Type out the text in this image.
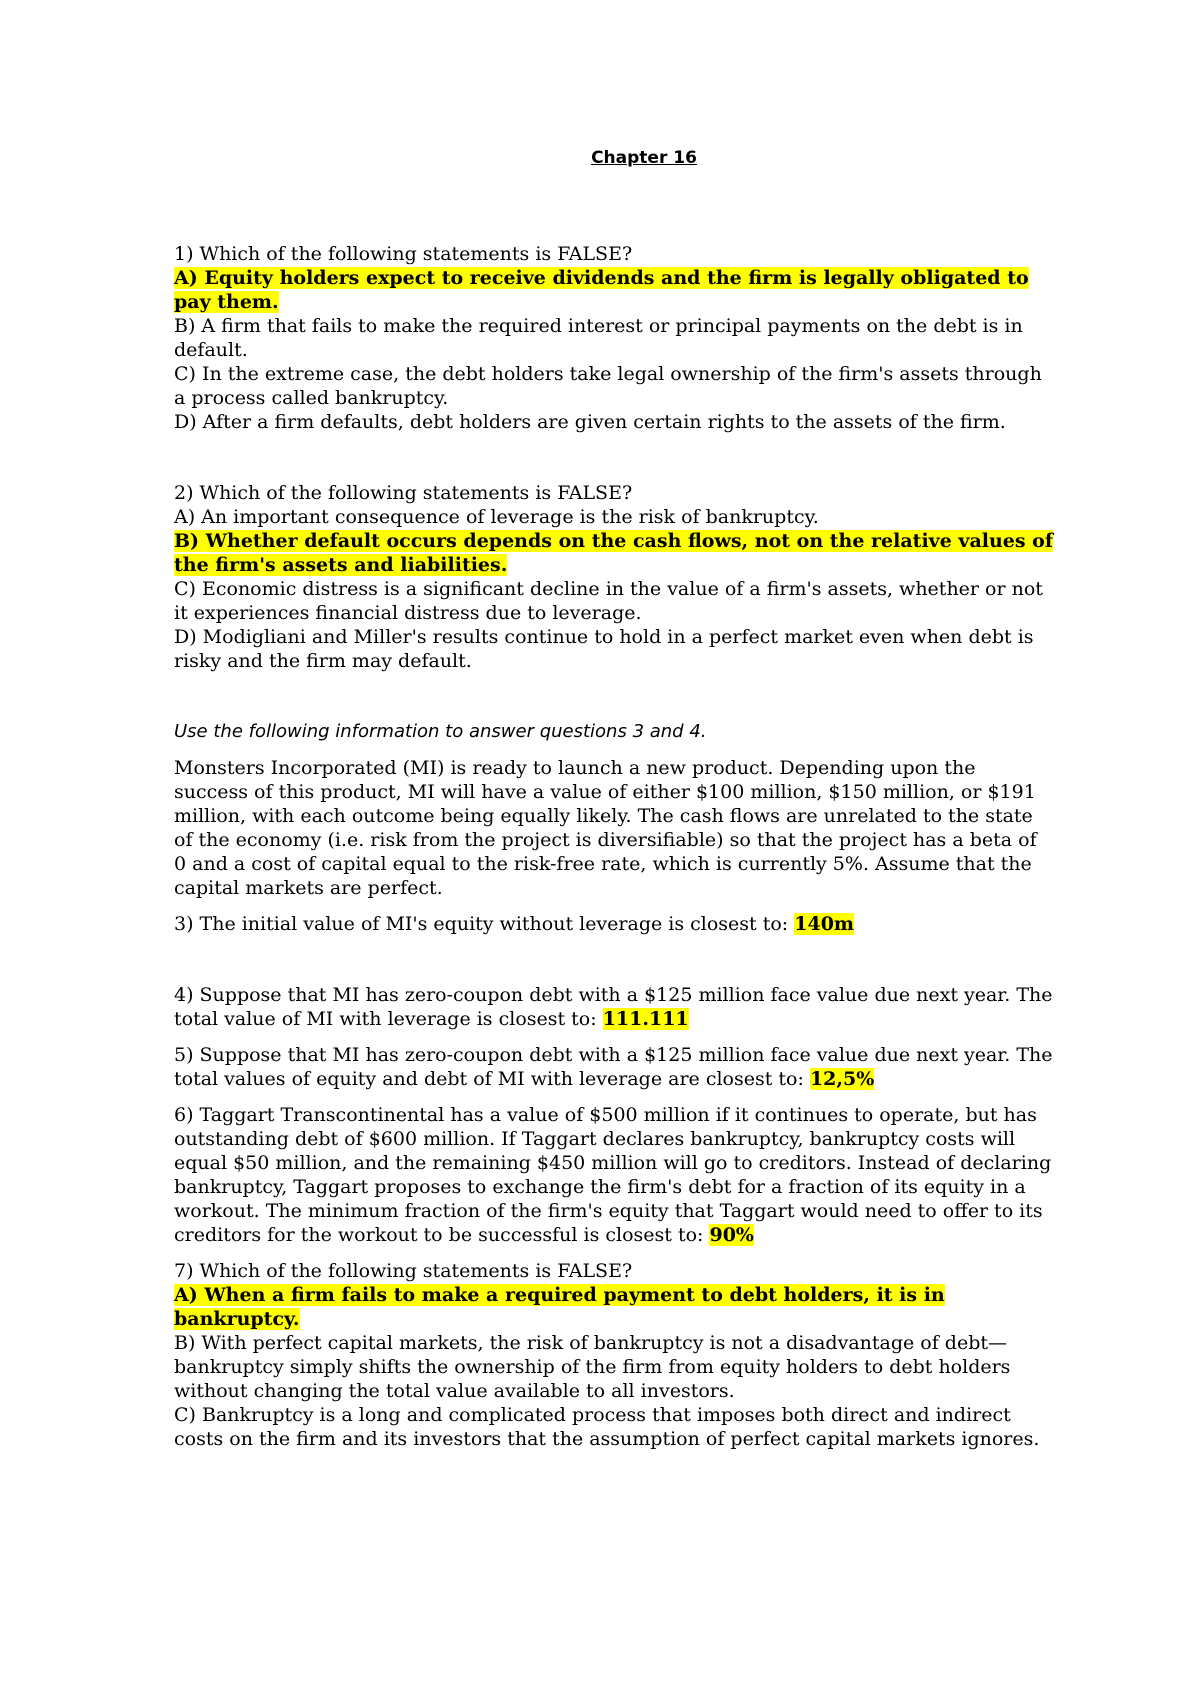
Chapter 16
1) Which of the following statements is FALSE?
A) Equity holders expect to receive dividends and the firm is legally obligated to pay them.
B) A firm that fails to make the required interest or principal payments on the debt is in default.
C) In the extreme case, the debt holders take legal ownership of the firm's assets through a process called bankruptcy.
D) After a firm defaults, debt holders are given certain rights to the assets of the firm.
2) Which of the following statements is FALSE?
A) An important consequence of leverage is the risk of bankruptcy.
B) Whether default occurs depends on the cash flows, not on the relative values of the firm's assets and liabilities.
C) Economic distress is a significant decline in the value of a firm's assets, whether or not it experiences financial distress due to leverage.
D) Modigliani and Miller's results continue to hold in a perfect market even when debt is risky and the firm may default.
Use the following information to answer questions 3 and 4.
Monsters Incorporated (MI) is ready to launch a new product. Depending upon the success of this product, MI will have a value of either $100 million, $150 million, or $191 million, with each outcome being equally likely. The cash flows are unrelated to the state of the economy (i.e. risk from the project is diversifiable) so that the project has a beta of 0 and a cost of capital equal to the risk-free rate, which is currently 5%. Assume that the capital markets are perfect.
3) The initial value of MI's equity without leverage is closest to: 140m
4) Suppose that MI has zero-coupon debt with a $125 million face value due next year. The total value of MI with leverage is closest to: 111.111
5) Suppose that MI has zero-coupon debt with a $125 million face value due next year. The total values of equity and debt of MI with leverage are closest to: 12,5%
6) Taggart Transcontinental has a value of $500 million if it continues to operate, but has outstanding debt of $600 million. If Taggart declares bankruptcy, bankruptcy costs will equal $50 million, and the remaining $450 million will go to creditors. Instead of declaring bankruptcy, Taggart proposes to exchange the firm's debt for a fraction of its equity in a workout. The minimum fraction of the firm's equity that Taggart would need to offer to its creditors for the workout to be successful is closest to: 90%
7) Which of the following statements is FALSE?
A) When a firm fails to make a required payment to debt holders, it is in bankruptcy.
B) With perfect capital markets, the risk of bankruptcy is not a disadvantage of debt—bankruptcy simply shifts the ownership of the firm from equity holders to debt holders without changing the total value available to all investors.
C) Bankruptcy is a long and complicated process that imposes both direct and indirect costs on the firm and its investors that the assumption of perfect capital markets ignores.
